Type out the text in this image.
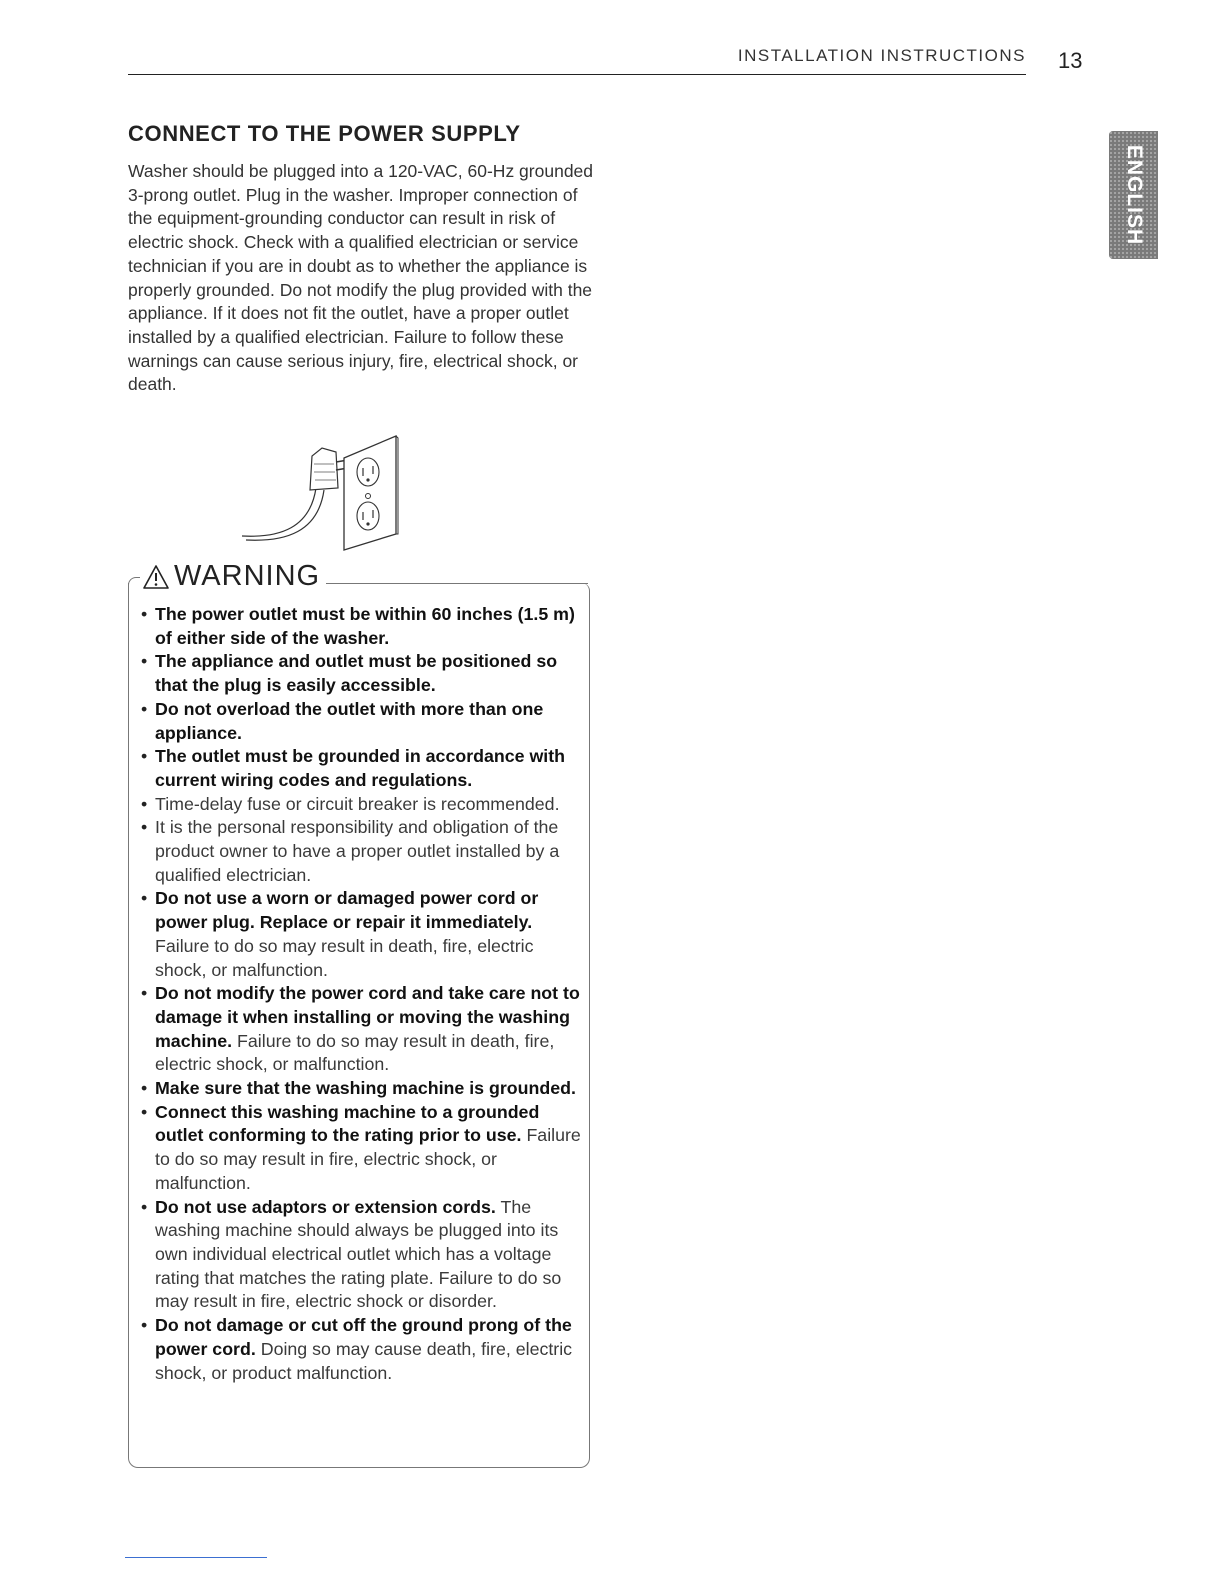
INSTALLATION INSTRUCTIONS 13
ENGLISH
CONNECT TO THE POWER SUPPLY

Washer should be plugged into a 120-VAC, 60-Hz grounded 3-prong outlet. Plug in the washer. Improper connection of the equipment-grounding conductor can result in risk of electric shock. Check with a qualified electrician or service technician if you are in doubt as to whether the appliance is properly grounded. Do not modify the plug provided with the appliance. If it does not fit the outlet, have a proper outlet installed by a qualified electrician. Failure to follow these warnings can cause serious injury, fire, electrical shock, or death.

WARNING
• The power outlet must be within 60 inches (1.5 m) of either side of the washer.
• The appliance and outlet must be positioned so that the plug is easily accessible.
• Do not overload the outlet with more than one appliance.
• The outlet must be grounded in accordance with current wiring codes and regulations.
• Time-delay fuse or circuit breaker is recommended.
• It is the personal responsibility and obligation of the product owner to have a proper outlet installed by a qualified electrician.
• Do not use a worn or damaged power cord or power plug. Replace or repair it immediately. Failure to do so may result in death, fire, electric shock, or malfunction.
• Do not modify the power cord and take care not to damage it when installing or moving the washing machine. Failure to do so may result in death, fire, electric shock, or malfunction.
• Make sure that the washing machine is grounded.
• Connect this washing machine to a grounded outlet conforming to the rating prior to use. Failure to do so may result in fire, electric shock, or malfunction.
• Do not use adaptors or extension cords. The washing machine should always be plugged into its own individual electrical outlet which has a voltage rating that matches the rating plate. Failure to do so may result in fire, electric shock or disorder.
• Do not damage or cut off the ground prong of the power cord. Doing so may cause death, fire, electric shock, or product malfunction.
